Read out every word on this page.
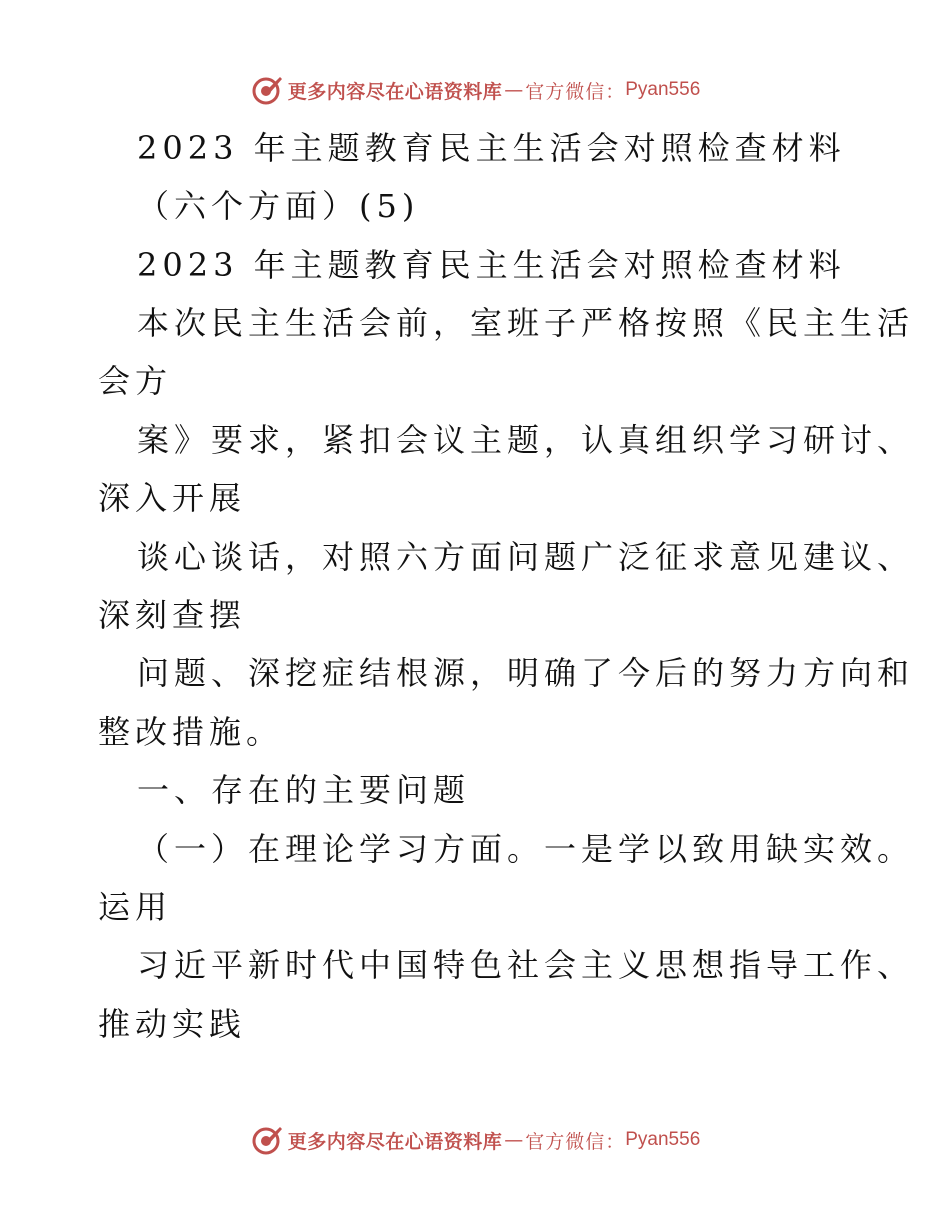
更多内容尽在心语资料库 — 官方微信： Pyan556
2023 年主题教育民主生活会对照检查材料
（六个方面）(5)
2023 年主题教育民主生活会对照检查材料
本次民主生活会前，室班子严格按照《民主生活
会方
案》要求，紧扣会议主题，认真组织学习研讨、
深入开展
谈心谈话，对照六方面问题广泛征求意见建议、
深刻查摆
问题、深挖症结根源，明确了今后的努力方向和
整改措施。
一、存在的主要问题
（一）在理论学习方面。一是学以致用缺实效。
运用
习近平新时代中国特色社会主义思想指导工作、
推动实践
更多内容尽在心语资料库 — 官方微信： Pyan556
